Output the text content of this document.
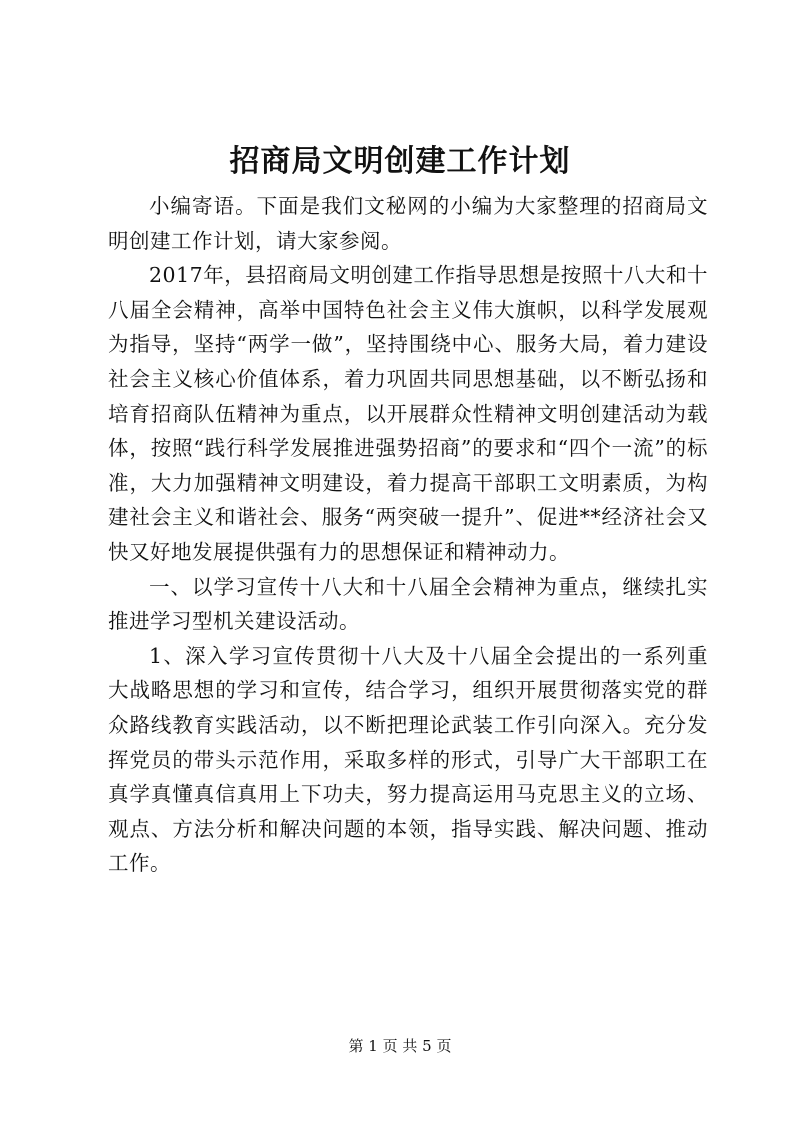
招商局文明创建工作计划

小编寄语。下面是我们文秘网的小编为大家整理的招商局文明创建工作计划，请大家参阅。

2017年，县招商局文明创建工作指导思想是按照十八大和十八届全会精神，高举中国特色社会主义伟大旗帜，以科学发展观为指导，坚持“两学一做”，坚持围绕中心、服务大局，着力建设社会主义核心价值体系，着力巩固共同思想基础，以不断弘扬和培育招商队伍精神为重点，以开展群众性精神文明创建活动为载体，按照“践行科学发展推进强势招商”的要求和“四个一流”的标准，大力加强精神文明建设，着力提高干部职工文明素质，为构建社会主义和谐社会、服务“两突破一提升”、促进**经济社会又快又好地发展提供强有力的思想保证和精神动力。

一、以学习宣传十八大和十八届全会精神为重点，继续扎实推进学习型机关建设活动。

1、深入学习宣传贯彻十八大及十八届全会提出的一系列重大战略思想的学习和宣传，结合学习，组织开展贯彻落实党的群众路线教育实践活动，以不断把理论武装工作引向深入。充分发挥党员的带头示范作用，采取多样的形式，引导广大干部职工在真学真懂真信真用上下功夫，努力提高运用马克思主义的立场、观点、方法分析和解决问题的本领，指导实践、解决问题、推动工作。

第 1 页 共 5 页
